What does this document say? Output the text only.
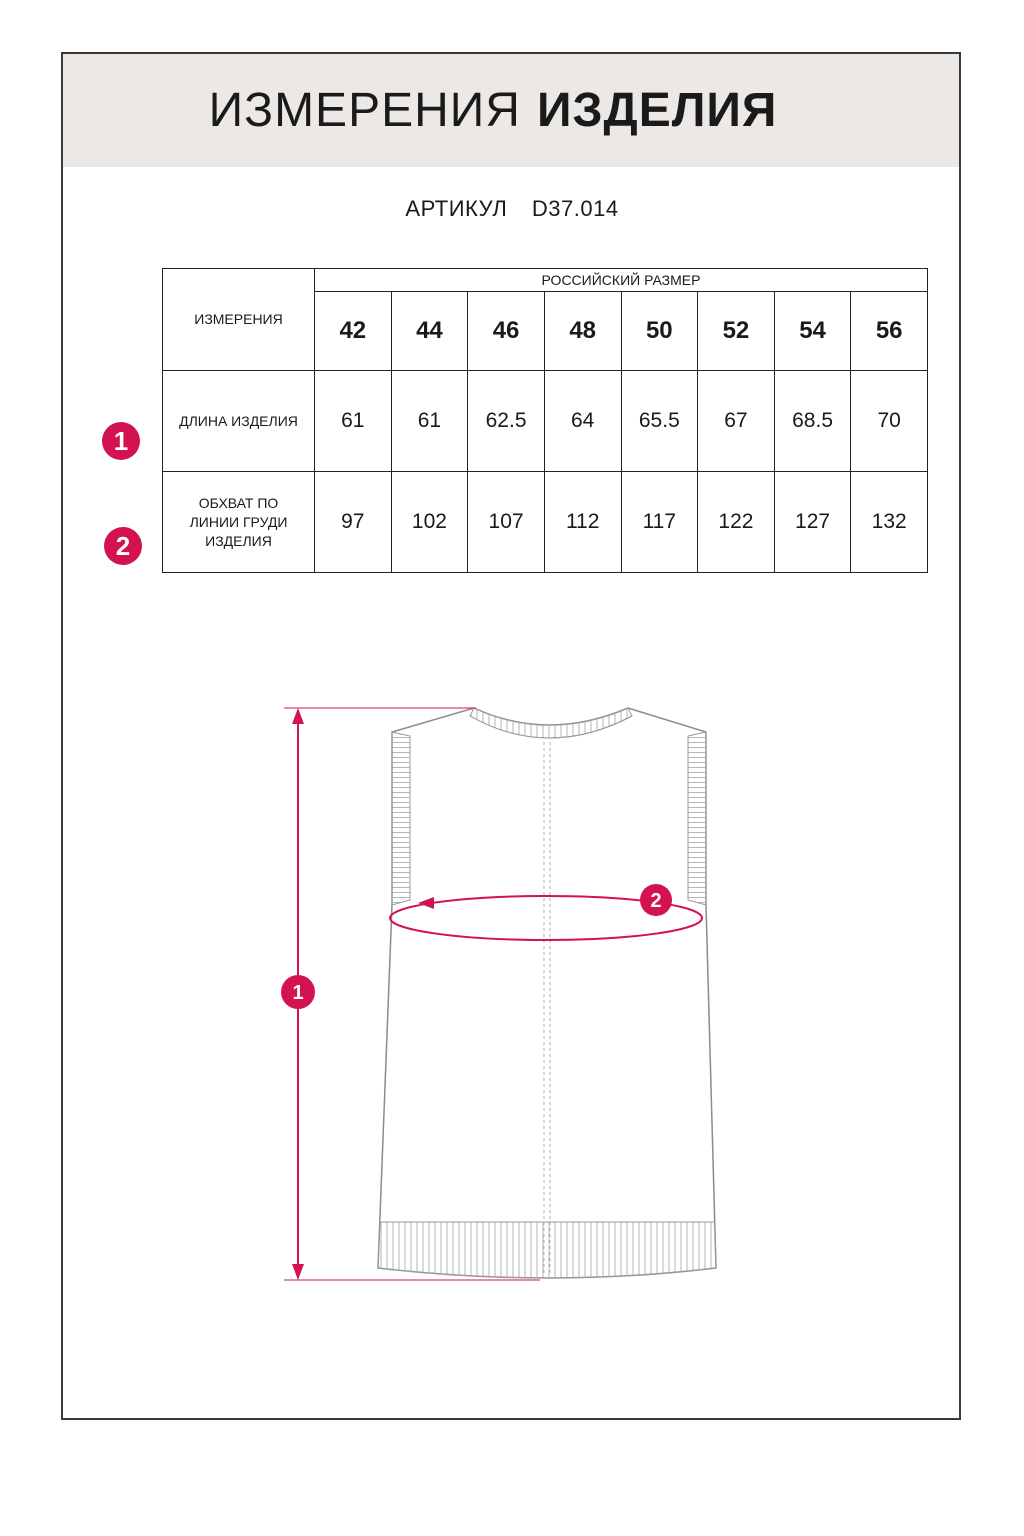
ИЗМЕРЕНИЯ ИЗДЕЛИЯ
АРТИКУЛ D37.014
ИЗМЕРЕНИЯ	РОССИЙСКИЙ РАЗМЕР							
	42	44	46	48	50	52	54	56
ДЛИНА ИЗДЕЛИЯ	61	61	62.5	64	65.5	67	68.5	70
ОБХВАТ ПО
ЛИНИИ ГРУДИ
ИЗДЕЛИЯ	97	102	107	112	117	122	127	132
1
2
1
2
